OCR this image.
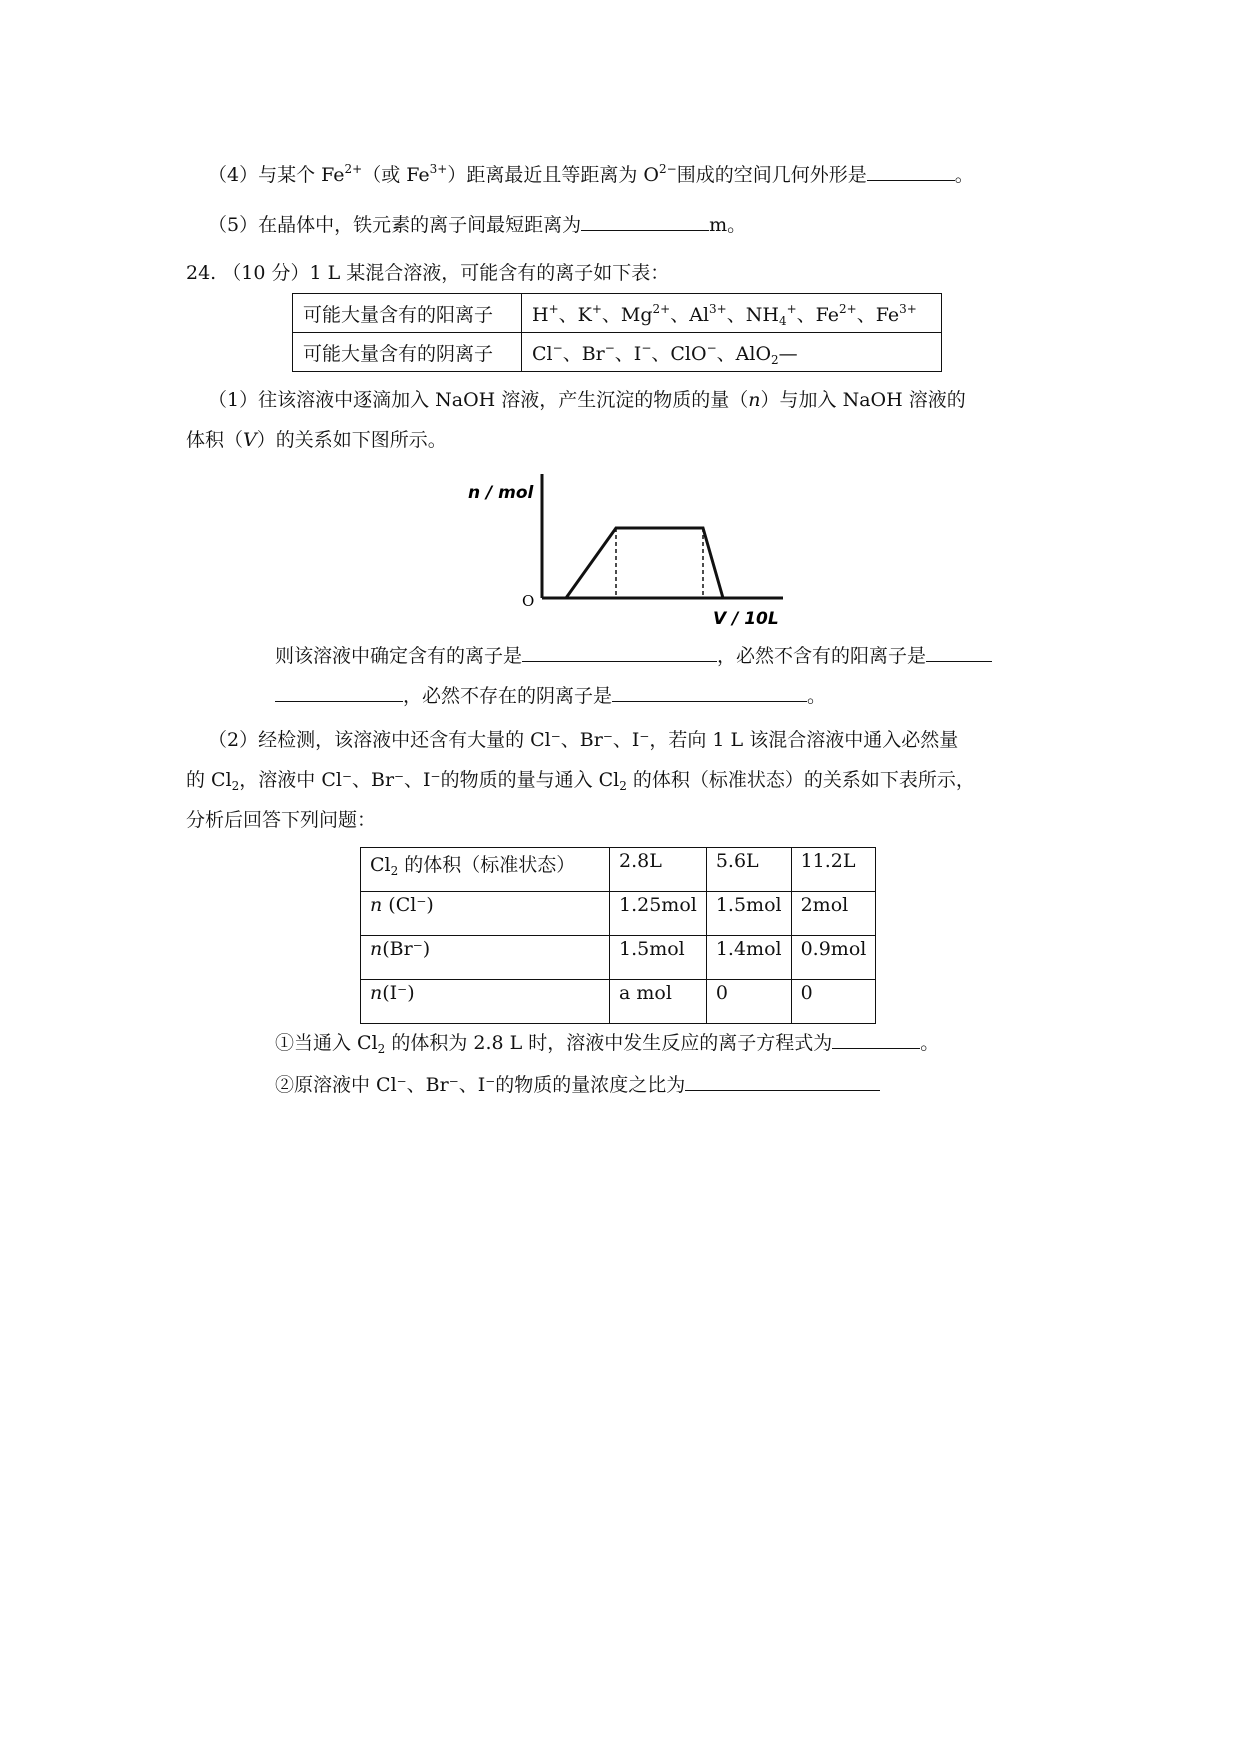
（4）与某个 $Fe^{2+}$（或 $Fe^{3+}$）距离最近且等距离为 $O^{2-}$围成的空间几何外形是	。
（5）在晶体中，铁元素的离子间最短距离为	m。
24. （10 分）1 L 某混合溶液，可能含有的离子如下表：
可能大量含有的阳离子	H+、K+、$Mg^{2+}$、$Al^{3+}$、$NH_4^+$、$Fe^{2+}$、$Fe^{3+}$
可能大量含有的阴离子	Cl−、Br−、I−、ClO−、AlO$_2$—
（1）往该溶液中逐滴加入 NaOH 溶液，产生沉淀的物质的量（n）与加入 NaOH 溶液的
体积（V）的关系如下图所示。
n / mol
O
V / 10L
则该溶液中确定含有的离子是	，必然不含有的阳离子是
，必然不存在的阴离子是	。
（2）经检测，该溶液中还含有大量的 Cl⁻、Br⁻、I⁻，若向 1 L 该混合溶液中通入必然量
的 $Cl_2$，溶液中 Cl⁻、Br⁻、I⁻的物质的量与通入 $Cl_2$ 的体积（标准状态）的关系如下表所示，
分析后回答下列问题：
$Cl_2$ 的体积（标准状态）	2.8L	5.6L	11.2L
n (Cl⁻)	1.25mol	1.5mol	2mol
n(Br⁻)	1.5mol	1.4mol	0.9mol
n(I⁻)	a mol	0	0
①当通入 $Cl_2$ 的体积为 2.8 L 时，溶液中发生反应的离子方程式为	。
②原溶液中 Cl⁻、Br⁻、I⁻的物质的量浓度之比为
